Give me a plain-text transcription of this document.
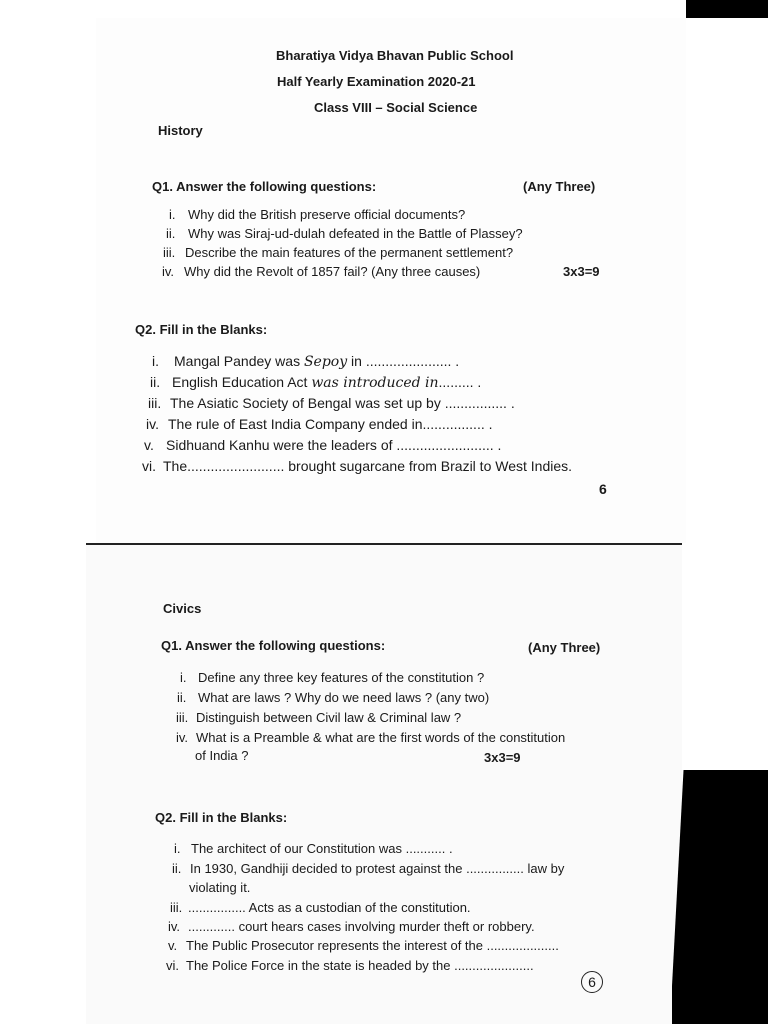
Bharatiya Vidya Bhavan Public School
Half Yearly Examination 2020-21
Class VIII – Social Science
History
Q1. Answer the following questions:	(Any Three)
i. Why did the British preserve official documents?
ii. Why was Siraj-ud-dulah defeated in the Battle of Plassey?
iii. Describe the main features of the permanent settlement?
iv. Why did the Revolt of 1857 fail? (Any three causes)	3x3=9
Q2. Fill in the Blanks:
i. Mangal Pandey was Sepoy in ...................... .
ii. English Education Act was introduced in......... .
iii. The Asiatic Society of Bengal was set up by ................ .
iv. The rule of East India Company ended in................ .
v. Sidhuand Kanhu were the leaders of ......................... .
vi. The......................... brought sugarcane from Brazil to West Indies.
6
Civics
Q1. Answer the following questions:	(Any Three)
i. Define any three key features of the constitution ?
ii. What are laws ? Why do we need laws ? (any two)
iii. Distinguish between Civil law & Criminal law ?
iv. What is a Preamble & what are the first words of the constitution
of India ?	3x3=9
Q2. Fill in the Blanks:
i. The architect of our Constitution was ........... .
ii. In 1930, Gandhiji decided to protest against the ................ law by
violating it.
iii. ................ Acts as a custodian of the constitution.
iv. ............. court hears cases involving murder theft or robbery.
v. The Public Prosecutor represents the interest of the ....................
vi. The Police Force in the state is headed by the ......................
6
